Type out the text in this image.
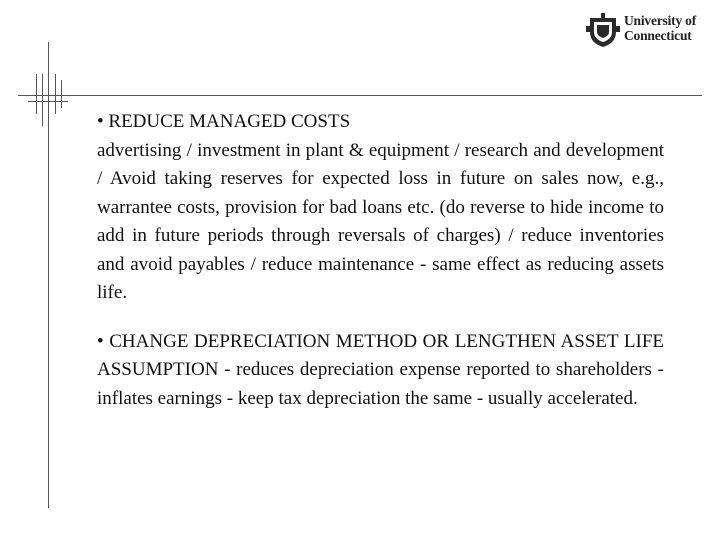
University of
Connecticut

• REDUCE MANAGED COSTS

advertising / investment in plant & equipment / research and development / Avoid taking reserves for expected loss in future on sales now, e.g., warrantee costs, provision for bad loans etc. (do reverse to hide income to add in future periods through reversals of charges) / reduce inventories and avoid payables / reduce maintenance - same effect as reducing assets life.

• CHANGE DEPRECIATION METHOD OR LENGTHEN ASSET LIFE ASSUMPTION - reduces depreciation expense reported to shareholders - inflates earnings - keep tax depreciation the same - usually accelerated.
